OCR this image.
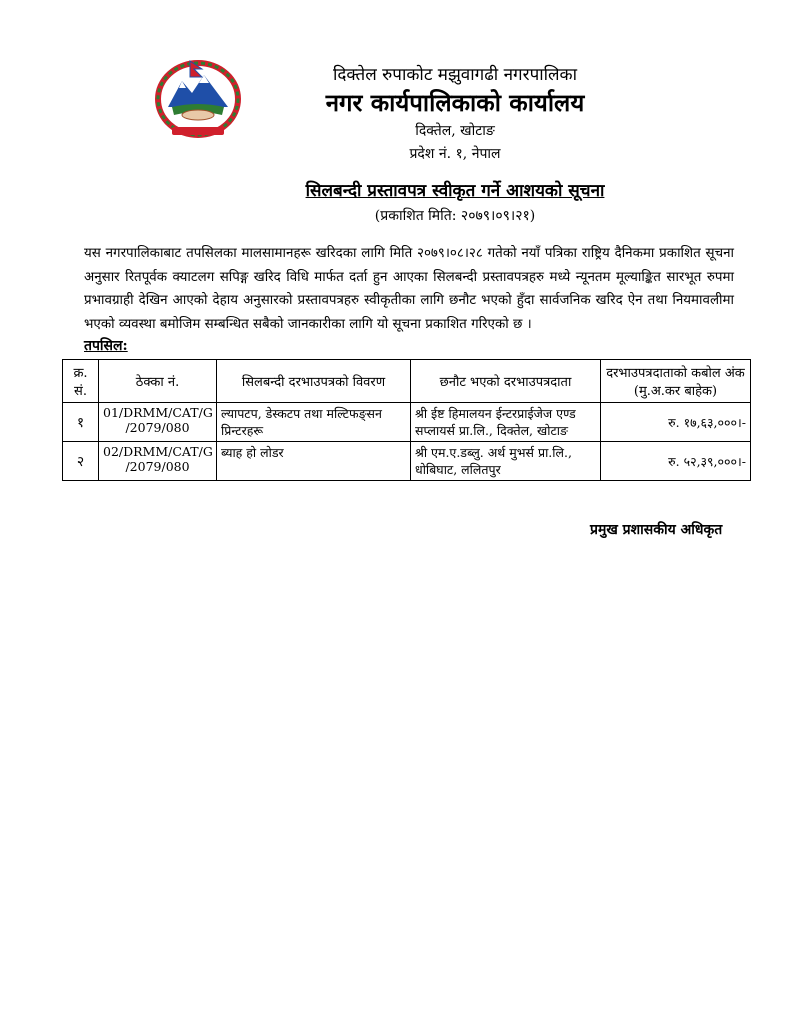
दिक्तेल रुपाकोट मझुवागढी नगरपालिका
नगर कार्यपालिकाको कार्यालय
दिक्तेल, खोटाङ
प्रदेश नं. १, नेपाल
सिलबन्दी प्रस्तावपत्र स्वीकृत गर्ने आशयको सूचना
(प्रकाशित मिति: २०७९।०९।२१)
यस नगरपालिकाबाट तपसिलका मालसामानहरू खरिदका लागि मिति २०७९।०८।२८ गतेको नयाँ पत्रिका राष्ट्रिय दैनिकमा प्रकाशित सूचना अनुसार रितपूर्वक क्याटलग सपिङ्ग खरिद विधि मार्फत दर्ता हुन आएका सिलबन्दी प्रस्तावपत्रहरु मध्ये न्यूनतम मूल्याङ्कित सारभूत रुपमा प्रभावग्राही देखिन आएको देहाय अनुसारको प्रस्तावपत्रहरु स्वीकृतीका लागि छनौट भएको हुँदा सार्वजनिक खरिद ऐन तथा नियमावलीमा भएको व्यवस्था बमोजिम सम्बन्धित सबैको जानकारीका लागि यो सूचना प्रकाशित गरिएको छ ।
तपसिल:
क्र. सं.	ठेक्का नं.	सिलबन्दी दरभाउपत्रको विवरण	छनौट भएको दरभाउपत्रदाता	दरभाउपत्रदाताको कबोल अंक (मु.अ.कर बाहेक)
१	01/DRMM/CAT/G /2079/080	ल्यापटप, डेस्कटप तथा मल्टिफङ्सन प्रिन्टरहरू	श्री ईष्ट हिमालयन ईन्टरप्राईजेज एण्ड सप्लायर्स प्रा.लि., दिक्तेल, खोटाङ	रु. १७,६३,०००।-
२	02/DRMM/CAT/G /2079/080	ब्याह हो लोडर	श्री एम.ए.डब्लु. अर्थ मुभर्स प्रा.लि., धोबिघाट, ललितपुर	रु. ५२,३९,०००।-
प्रमुख प्रशासकीय अधिकृत
